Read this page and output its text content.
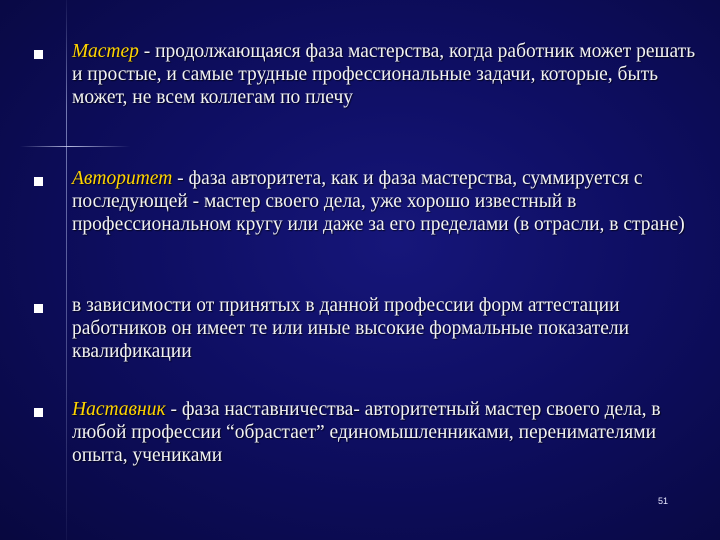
Мастер - продолжающаяся фаза мастерства, когда работник может решать и простые, и самые трудные профессиональные задачи, которые, быть может, не всем коллегам по плечу
Авторитет - фаза авторитета, как и фаза мастерства, суммируется с последующей - мастер своего дела, уже хорошо известный в профессиональном кругу или даже за его пределами (в отрасли, в стране)
в зависимости от принятых в данной профессии форм аттестации работников он имеет те или иные высокие формальные показатели квалификации
Наставник - фаза наставничества- авторитетный мастер своего дела, в любой профессии “обрастает” единомышленниками, перенимателями опыта, учениками
51
